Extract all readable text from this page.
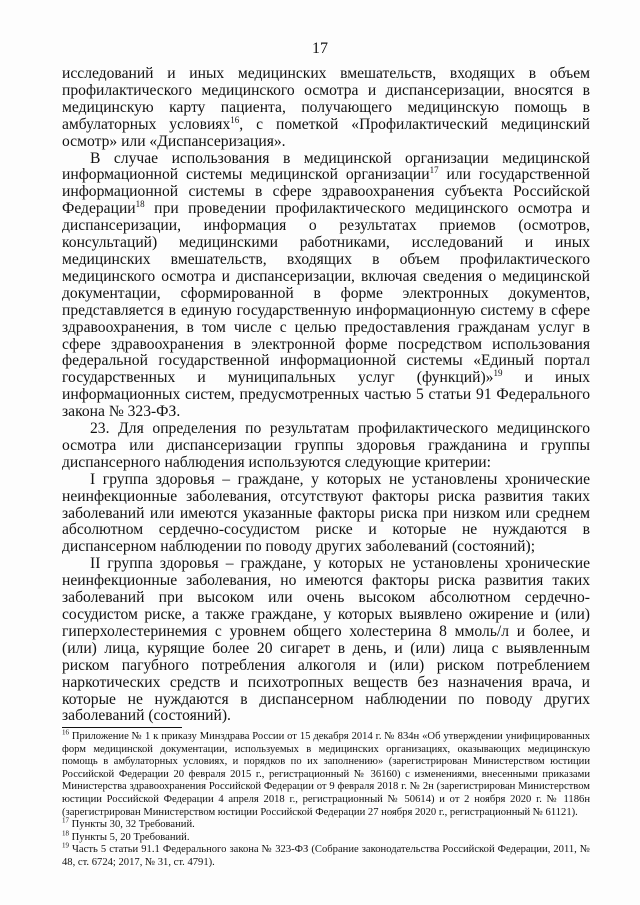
17

исследований и иных медицинских вмешательств, входящих в объем профилактического медицинского осмотра и диспансеризации, вносятся в медицинскую карту пациента, получающего медицинскую помощь в амбулаторных условиях$^{16}$, с пометкой «Профилактический медицинский осмотр» или «Диспансеризация».

В случае использования в медицинской организации медицинской информационной системы медицинской организации$^{17}$ или государственной информационной системы в сфере здравоохранения субъекта Российской Федерации$^{18}$ при проведении профилактического медицинского осмотра и диспансеризации, информация о результатах приемов (осмотров, консультаций) медицинскими работниками, исследований и иных медицинских вмешательств, входящих в объем профилактического медицинского осмотра и диспансеризации, включая сведения о медицинской документации, сформированной в форме электронных документов, представляется в единую государственную информационную систему в сфере здравоохранения, в том числе с целью предоставления гражданам услуг в сфере здравоохранения в электронной форме посредством использования федеральной государственной информационной системы «Единый портал государственных и муниципальных услуг (функций)»$^{19}$ и иных информационных систем, предусмотренных частью 5 статьи 91 Федерального закона № 323-ФЗ.

23. Для определения по результатам профилактического медицинского осмотра или диспансеризации группы здоровья гражданина и группы диспансерного наблюдения используются следующие критерии:

I группа здоровья – граждане, у которых не установлены хронические неинфекционные заболевания, отсутствуют факторы риска развития таких заболеваний или имеются указанные факторы риска при низком или среднем абсолютном сердечно-сосудистом риске и которые не нуждаются в диспансерном наблюдении по поводу других заболеваний (состояний);

II группа здоровья – граждане, у которых не установлены хронические неинфекционные заболевания, но имеются факторы риска развития таких заболеваний при высоком или очень высоком абсолютном сердечно-сосудистом риске, а также граждане, у которых выявлено ожирение и (или) гиперхолестеринемия с уровнем общего холестерина 8 ммоль/л и более, и (или) лица, курящие более 20 сигарет в день, и (или) лица с выявленным риском пагубного потребления алкоголя и (или) риском потреблением наркотических средств и психотропных веществ без назначения врача, и которые не нуждаются в диспансерном наблюдении по поводу других заболеваний (состояний).

$^{16}$ Приложение № 1 к приказу Минздрава России от 15 декабря 2014 г. № 834н «Об утверждении унифицированных форм медицинской документации, используемых в медицинских организациях, оказывающих медицинскую помощь в амбулаторных условиях, и порядков по их заполнению» (зарегистрирован Министерством юстиции Российской Федерации 20 февраля 2015 г., регистрационный № 36160) с изменениями, внесенными приказами Министерства здравоохранения Российской Федерации от 9 февраля 2018 г. № 2н (зарегистрирован Министерством юстиции Российской Федерации 4 апреля 2018 г., регистрационный № 50614) и от 2 ноября 2020 г. № 1186н (зарегистрирован Министерством юстиции Российской Федерации 27 ноября 2020 г., регистрационный № 61121).

$^{17}$ Пункты 30, 32 Требований.

$^{18}$ Пункты 5, 20 Требований.

$^{19}$ Часть 5 статьи 91.1 Федерального закона № 323-ФЗ (Собрание законодательства Российской Федерации, 2011, № 48, ст. 6724; 2017, № 31, ст. 4791).
